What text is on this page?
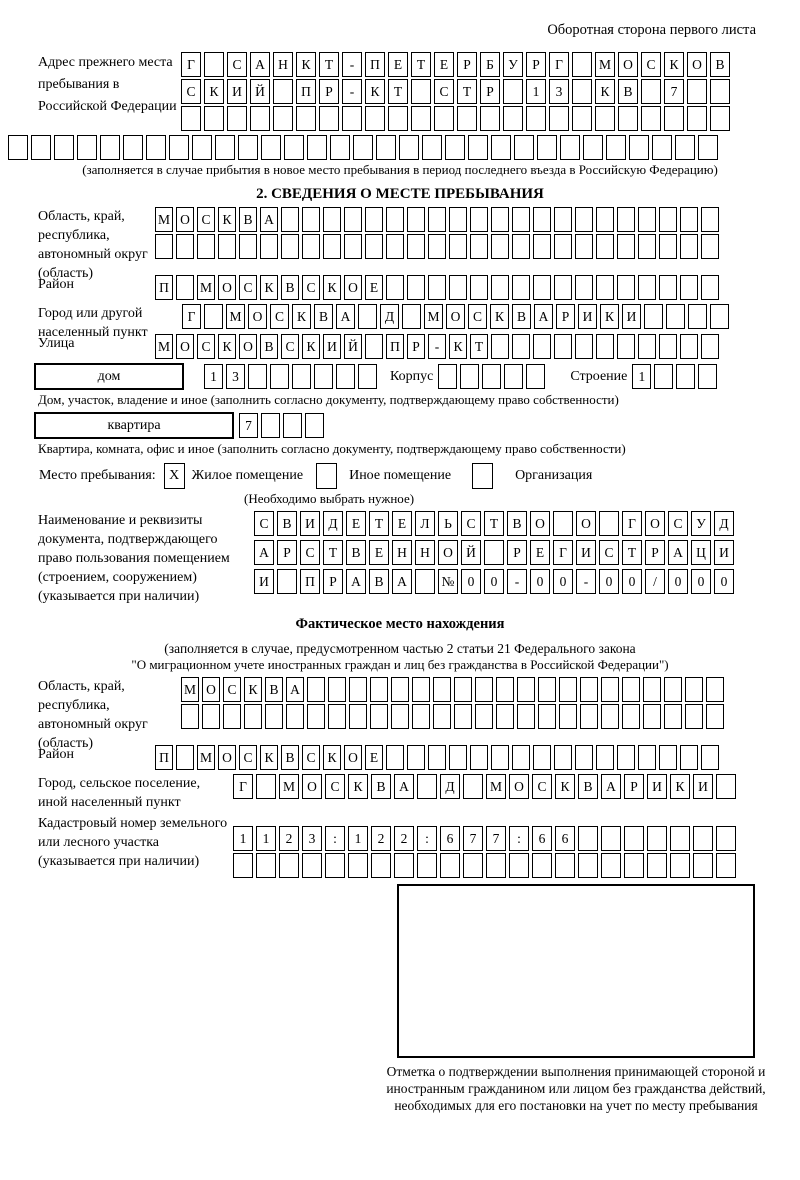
Оборотная сторона первого листа
Адрес прежнего места пребывания в Российской Федерации
Г	С	А Н	К	Т	-	П	Е	Т	Е	Р	Б	У	Р	Г	М О	С	К	О	В
С	К	И Й	П	Р	-	К	Т	С	Т	Р	1	3	К	В	7
(заполняется в случае прибытия в новое место пребывания в период последнего въезда в Российскую Федерацию)
2. СВЕДЕНИЯ О МЕСТЕ ПРЕБЫВАНИЯ
Область, край, республика, автономный округ (область)
М О С К В А
Район	П	М О С К В С К О Е
Город или другой населенный пункт
Г	М О С К В А	Д	М О С К В А Р И К И
Улица	М О С К О В С К И Й	П Р	-	К Т
дом	1	3	Корпус	Строение 1
Дом, участок, владение и иное (заполнить согласно документу, подтверждающему право собственности)
квартира	7
Квартира, комната, офис и иное (заполнить согласно документу, подтверждающему право собственности)
Место пребывания: X Жилое помещение	Иное помещение	Организация
(Необходимо выбрать нужное)
Наименование и реквизиты документа, подтверждающего право пользования помещением (строением, сооружением) (указывается при наличии)
С	В	И	Д	Е	Т	Е	Л	Ь	С	Т	В	О	О	Г	О	С	У	Д
А	Р	С	Т	В	Е	Н Н О Й	Р	Е	Г	И	С	Т	Р	А Ц И
И	П	Р	А	В	А	№ 0	0	-	0	0	-	0	0	/	0	0	0
Фактическое место нахождения
(заполняется в случае, предусмотренном частью 2 статьи 21 Федерального закона
"О миграционном учете иностранных граждан и лиц без гражданства в Российской Федерации")
Область, край, республика, автономный округ (область)
М О С К В А
Район	П	М О С К В С К О Е
Город, сельское поселение, иной населенный пункт
Г	М О	С	К	В	А	Д	М О	С	К	В	А	Р	И	К	И
Кадастровый номер земельного или лесного участка (указывается при наличии)
1	1	2	3	:	1	2	2	:	6	7	7	:	6	6
Отметка о подтверждении выполнения принимающей стороной и иностранным гражданином или лицом без гражданства действий, необходимых для его постановки на учет по месту пребывания
